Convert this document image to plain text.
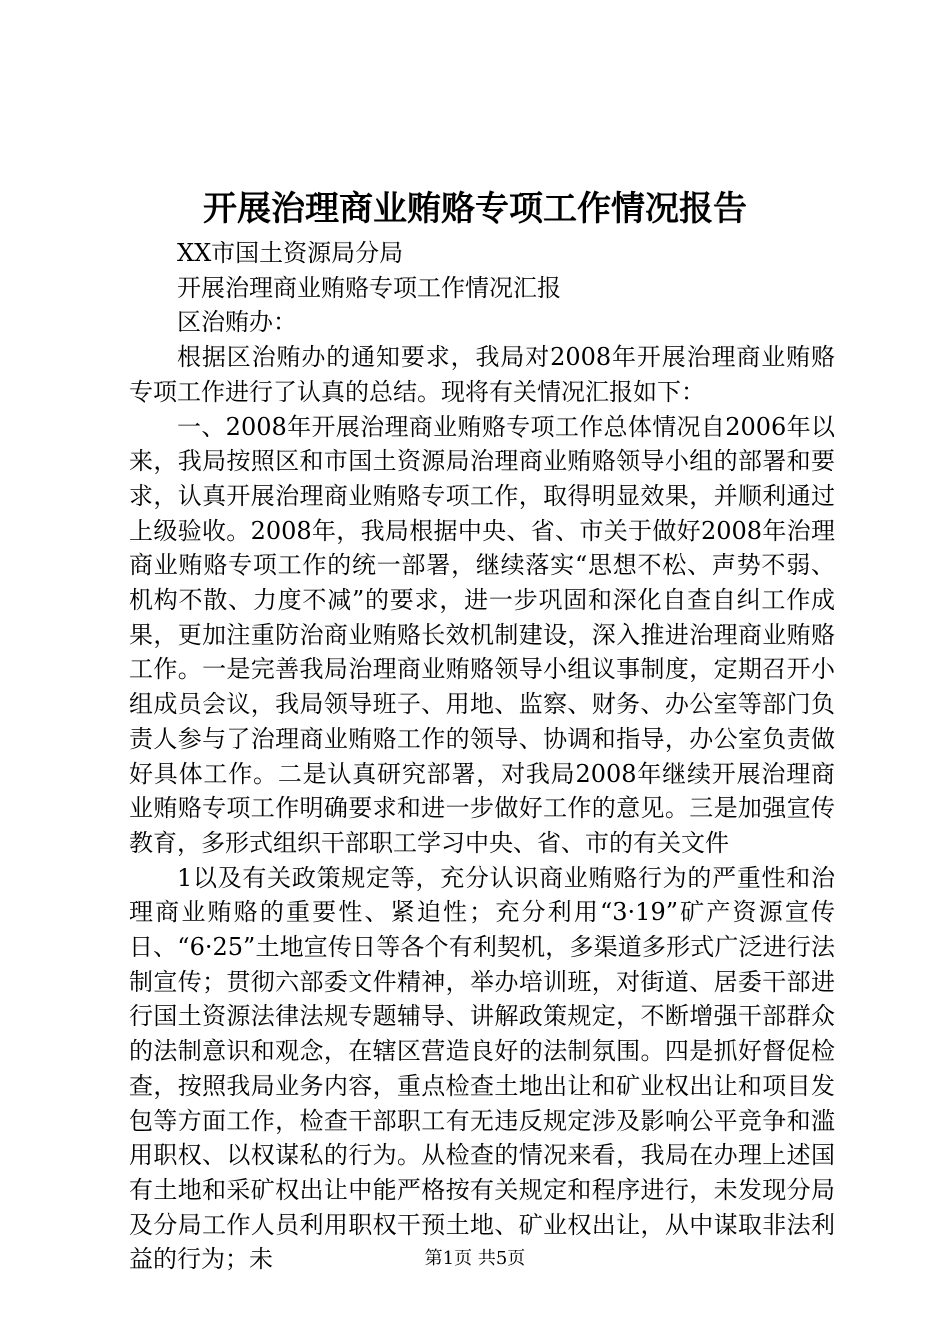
开展治理商业贿赂专项工作情况报告

XX市国土资源局分局

开展治理商业贿赂专项工作情况汇报

区治贿办：

根据区治贿办的通知要求，我局对2008年开展治理商业贿赂专项工作进行了认真的总结。现将有关情况汇报如下：

一、2008年开展治理商业贿赂专项工作总体情况自2006年以来，我局按照区和市国土资源局治理商业贿赂领导小组的部署和要求，认真开展治理商业贿赂专项工作，取得明显效果，并顺利通过上级验收。2008年，我局根据中央、省、市关于做好2008年治理商业贿赂专项工作的统一部署，继续落实“思想不松、声势不弱、机构不散、力度不减”的要求，进一步巩固和深化自查自纠工作成果，更加注重防治商业贿赂长效机制建设，深入推进治理商业贿赂工作。一是完善我局治理商业贿赂领导小组议事制度，定期召开小组成员会议，我局领导班子、用地、监察、财务、办公室等部门负责人参与了治理商业贿赂工作的领导、协调和指导，办公室负责做好具体工作。二是认真研究部署，对我局2008年继续开展治理商业贿赂专项工作明确要求和进一步做好工作的意见。三是加强宣传教育，多形式组织干部职工学习中央、省、市的有关文件

1以及有关政策规定等，充分认识商业贿赂行为的严重性和治理商业贿赂的重要性、紧迫性；充分利用“3·19”矿产资源宣传日、“6·25”土地宣传日等各个有利契机，多渠道多形式广泛进行法制宣传；贯彻六部委文件精神，举办培训班，对街道、居委干部进行国土资源法律法规专题辅导、讲解政策规定，不断增强干部群众的法制意识和观念，在辖区营造良好的法制氛围。四是抓好督促检查，按照我局业务内容，重点检查土地出让和矿业权出让和项目发包等方面工作，检查干部职工有无违反规定涉及影响公平竞争和滥用职权、以权谋私的行为。从检查的情况来看，我局在办理上述国有土地和采矿权出让中能严格按有关规定和程序进行，未发现分局及分局工作人员利用职权干预土地、矿业权出让，从中谋取非法利益的行为；未	第1页 共5页
